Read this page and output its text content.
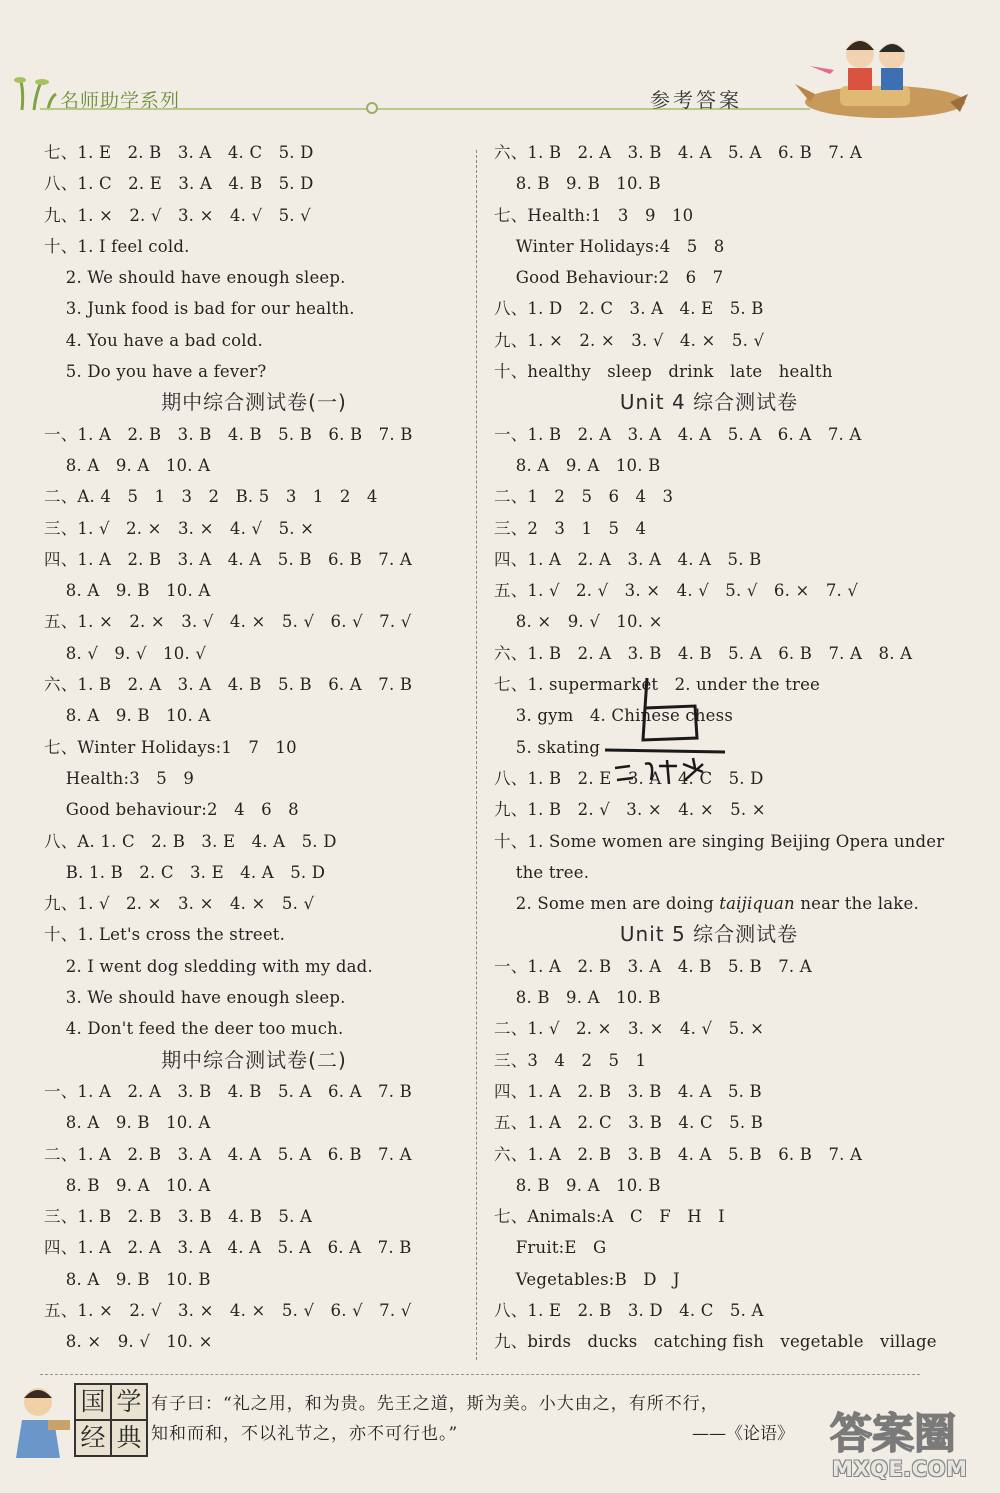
名师助学系列	参考答案
七、1. E   2. B   3. A   4. C   5. D
八、1. C   2. E   3. A   4. B   5. D
九、1. ×   2. √   3. ×   4. √   5. √
十、1. I feel cold.
2. We should have enough sleep.
3. Junk food is bad for our health.
4. You have a bad cold.
5. Do you have a fever?
期中综合测试卷(一)
一、1. A   2. B   3. B   4. B   5. B   6. B   7. B
8. A   9. A   10. A
二、A. 4   5   1   3   2   B. 5   3   1   2   4
三、1. √   2. ×   3. ×   4. √   5. ×
四、1. A   2. B   3. A   4. A   5. B   6. B   7. A
8. A   9. B   10. A
五、1. ×   2. ×   3. √   4. ×   5. √   6. √   7. √
8. √   9. √   10. √
六、1. B   2. A   3. A   4. B   5. B   6. A   7. B
8. A   9. B   10. A
七、Winter Holidays:1   7   10
Health:3   5   9
Good behaviour:2   4   6   8
八、A. 1. C   2. B   3. E   4. A   5. D
B. 1. B   2. C   3. E   4. A   5. D
九、1. √   2. ×   3. ×   4. ×   5. √
十、1. Let's cross the street.
2. I went dog sledding with my dad.
3. We should have enough sleep.
4. Don't feed the deer too much.
期中综合测试卷(二)
一、1. A   2. A   3. B   4. B   5. A   6. A   7. B
8. A   9. B   10. A
二、1. A   2. B   3. A   4. A   5. A   6. B   7. A
8. B   9. A   10. A
三、1. B   2. B   3. B   4. B   5. A
四、1. A   2. A   3. A   4. A   5. A   6. A   7. B
8. A   9. B   10. B
五、1. ×   2. √   3. ×   4. ×   5. √   6. √   7. √
8. ×   9. √   10. ×
六、1. B   2. A   3. B   4. A   5. A   6. B   7. A
8. B   9. B   10. B
七、Health:1   3   9   10
Winter Holidays:4   5   8
Good Behaviour:2   6   7
八、1. D   2. C   3. A   4. E   5. B
九、1. ×   2. ×   3. √   4. ×   5. √
十、healthy   sleep   drink   late   health
Unit 4 综合测试卷
一、1. B   2. A   3. A   4. A   5. A   6. A   7. A
8. A   9. A   10. B
二、1   2   5   6   4   3
三、2   3   1   5   4
四、1. A   2. A   3. A   4. A   5. B
五、1. √   2. √   3. ×   4. √   5. √   6. ×   7. √
8. ×   9. √   10. ×
六、1. B   2. A   3. B   4. B   5. A   6. B   7. A   8. A
七、1. supermarket   2. under the tree
3. gym   4. Chinese chess
5. skating
八、1. B   2. E   3. A   4. C   5. D
九、1. B   2. √   3. ×   4. ×   5. ×
十、1. Some women are singing Beijing Opera under
the tree.
2. Some men are doing taijiquan near the lake.
Unit 5 综合测试卷
一、1. A   2. B   3. A   4. B   5. B   7. A
8. B   9. A   10. B
二、1. √   2. ×   3. ×   4. √   5. ×
三、3   4   2   5   1
四、1. A   2. B   3. B   4. A   5. B
五、1. A   2. C   3. B   4. C   5. B
六、1. A   2. B   3. B   4. A   5. B   6. B   7. A
8. B   9. A   10. B
七、Animals:A   C   F   H   I
Fruit:E   G
Vegetables:B   D   J
八、1. E   2. B   3. D   4. C   5. A
九、birds   ducks   catching fish   vegetable   village
国 学
经 典
有子曰：“礼之用，和为贵。先王之道，斯为美。小大由之，有所不行，
知和而和，不以礼节之，亦不可行也。”	——《论语》 答案圈
MXQE.COM
